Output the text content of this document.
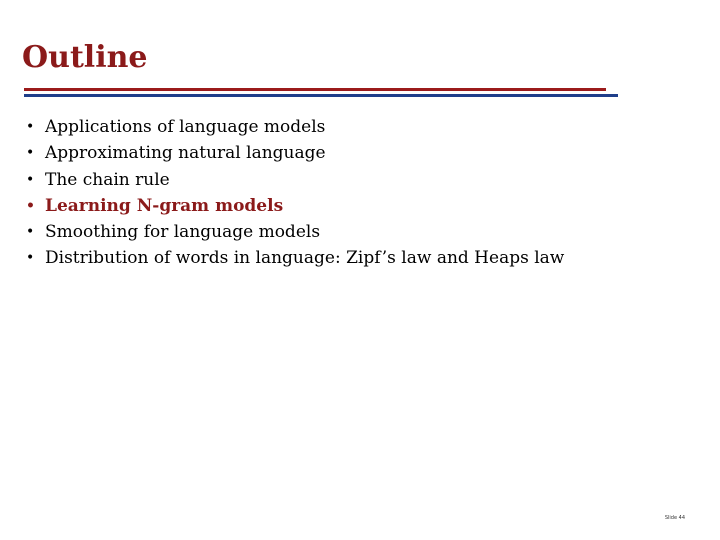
Outline
• Applications of language models
• Approximating natural language
• The chain rule
• Learning N-gram models
• Smoothing for language models
• Distribution of words in language: Zipf’s law and Heaps law
Slide 44
